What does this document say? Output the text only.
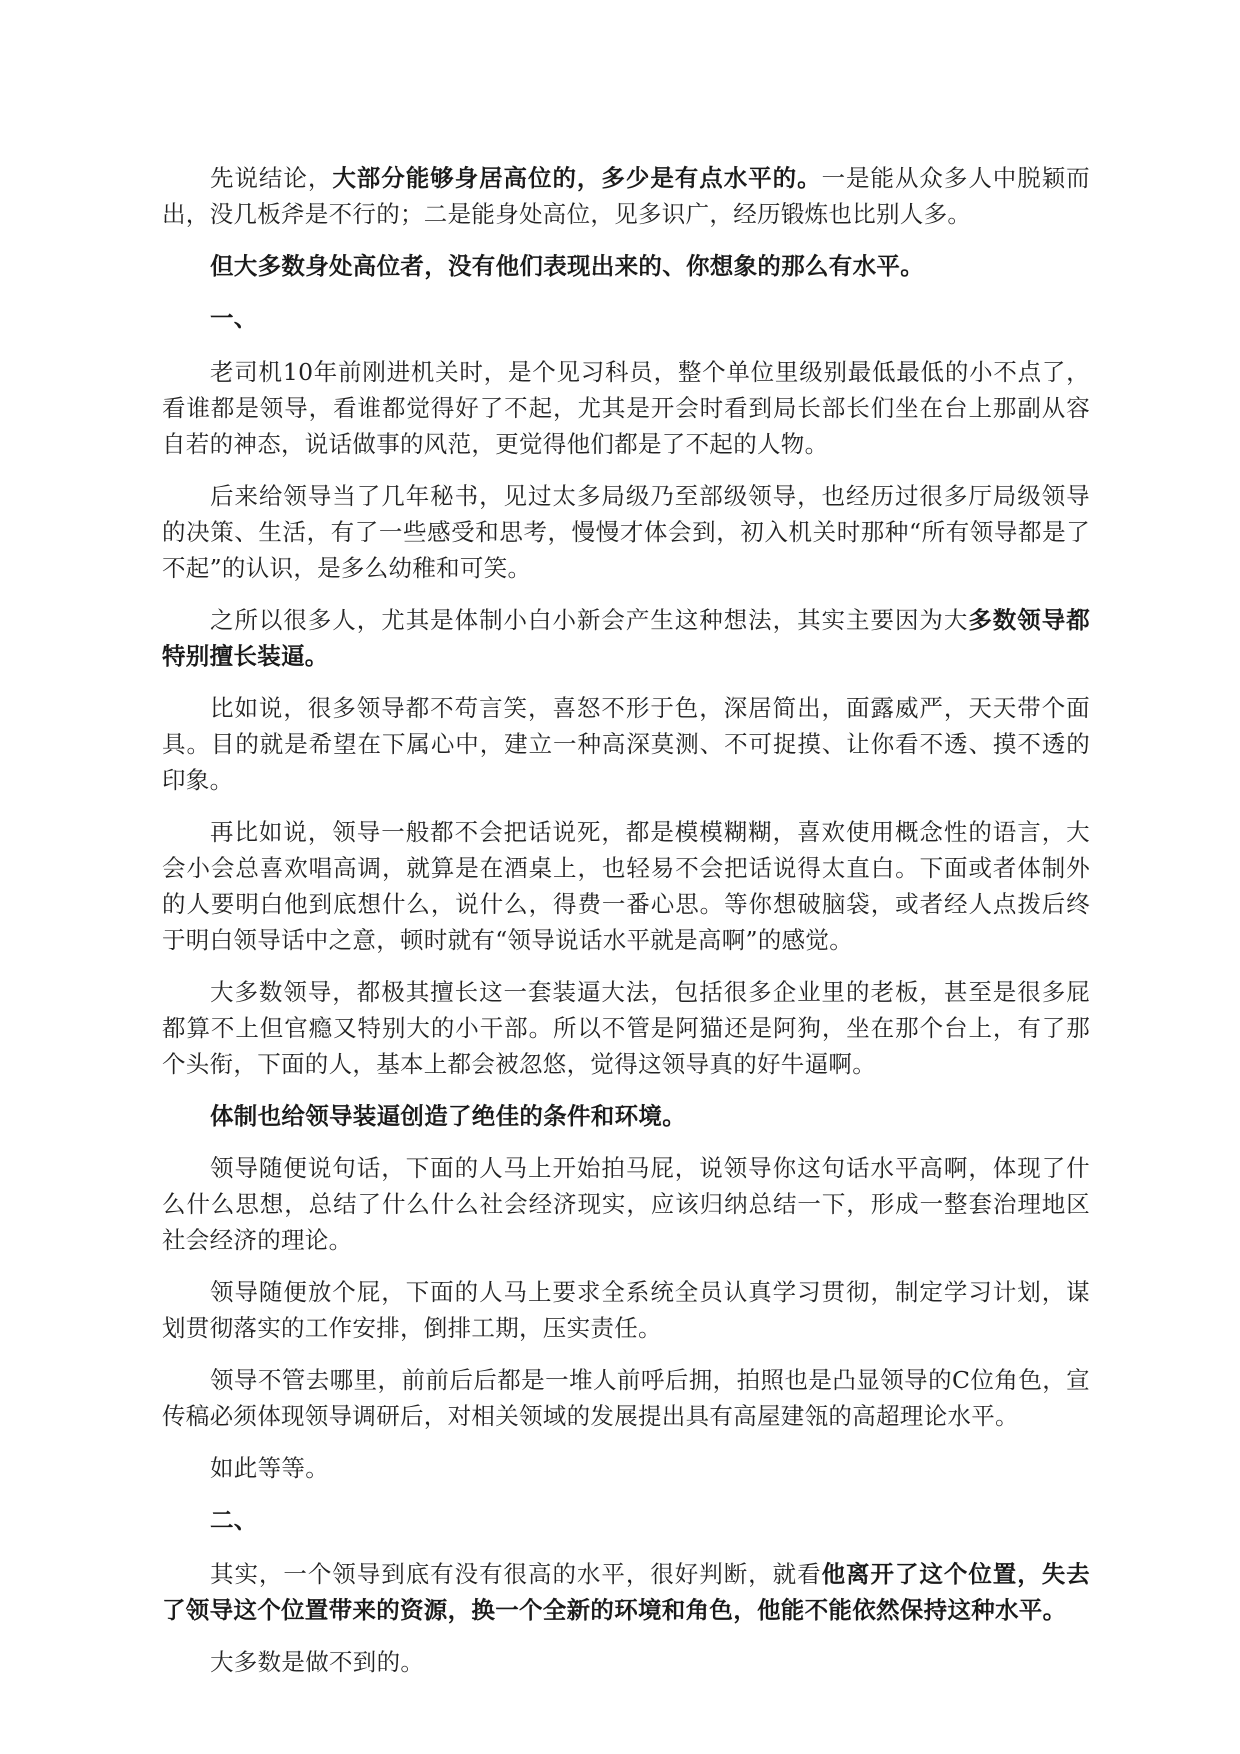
先说结论，大部分能够身居高位的，多少是有点水平的。一是能从众多人中脱颖而出，没几板斧是不行的；二是能身处高位，见多识广，经历锻炼也比别人多。

但大多数身处高位者，没有他们表现出来的、你想象的那么有水平。

一、

老司机10年前刚进机关时，是个见习科员，整个单位里级别最低最低的小不点了，看谁都是领导，看谁都觉得好了不起，尤其是开会时看到局长部长们坐在台上那副从容自若的神态，说话做事的风范，更觉得他们都是了不起的人物。

后来给领导当了几年秘书，见过太多局级乃至部级领导，也经历过很多厅局级领导的决策、生活，有了一些感受和思考，慢慢才体会到，初入机关时那种“所有领导都是了不起”的认识，是多么幼稚和可笑。

之所以很多人，尤其是体制小白小新会产生这种想法，其实主要因为大多数领导都特别擅长装逼。

比如说，很多领导都不苟言笑，喜怒不形于色，深居简出，面露威严，天天带个面具。目的就是希望在下属心中，建立一种高深莫测、不可捉摸、让你看不透、摸不透的印象。

再比如说，领导一般都不会把话说死，都是模模糊糊，喜欢使用概念性的语言，大会小会总喜欢唱高调，就算是在酒桌上，也轻易不会把话说得太直白。下面或者体制外的人要明白他到底想什么，说什么，得费一番心思。等你想破脑袋，或者经人点拨后终于明白领导话中之意，顿时就有“领导说话水平就是高啊”的感觉。

大多数领导，都极其擅长这一套装逼大法，包括很多企业里的老板，甚至是很多屁都算不上但官瘾又特别大的小干部。所以不管是阿猫还是阿狗，坐在那个台上，有了那个头衔，下面的人，基本上都会被忽悠，觉得这领导真的好牛逼啊。

体制也给领导装逼创造了绝佳的条件和环境。

领导随便说句话，下面的人马上开始拍马屁，说领导你这句话水平高啊，体现了什么什么思想，总结了什么什么社会经济现实，应该归纳总结一下，形成一整套治理地区社会经济的理论。

领导随便放个屁，下面的人马上要求全系统全员认真学习贯彻，制定学习计划，谋划贯彻落实的工作安排，倒排工期，压实责任。

领导不管去哪里，前前后后都是一堆人前呼后拥，拍照也是凸显领导的C位角色，宣传稿必须体现领导调研后，对相关领域的发展提出具有高屋建瓴的高超理论水平。

如此等等。

二、

其实，一个领导到底有没有很高的水平，很好判断，就看他离开了这个位置，失去了领导这个位置带来的资源，换一个全新的环境和角色，他能不能依然保持这种水平。

大多数是做不到的。
